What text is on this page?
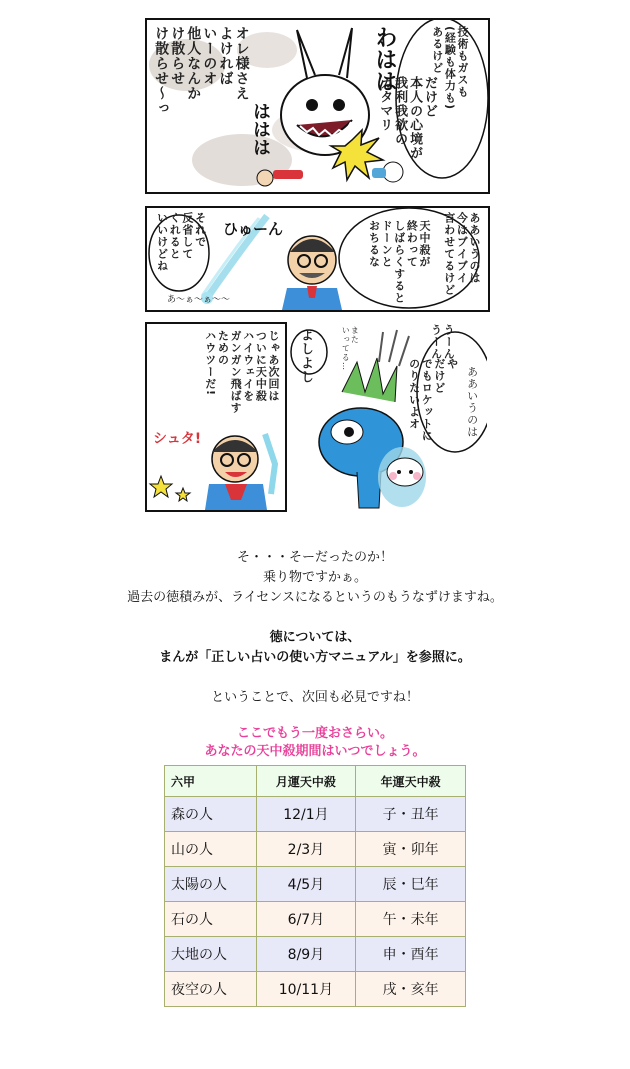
技術もガスも
(経験も体力も)
あるけど
だけど
本人の心境が
我利我欲の
カタマリ
オレ様さえ
よければ
いーのオ
他人なんか
け散らせ
け散らせ〜っ	わはは
ははは
ああいうのは
今はブイブイ
言わせてるけど
天中殺が
終わって
しばらくすると
ドーンと
おちるな
それで
反省して
くれると
いいけどね	ひゅーん
あ〜ぁ〜ぁ〜〜
じゃあ次回は
ついに天中殺
ハイウェイを
ガンガン飛ばす
ための
ハウツーだ!
シュタ!
よしよし	また
いってる…	うーん
うーん
や
だけど
でもロケットに
のりたいよオ	ああいうのは
そ・・・そーだったのか！
乗り物ですかぁ。
過去の徳積みが、ライセンスになるというのもうなずけますね。
徳については、
まんが「正しい占いの使い方マニュアル」を参照に。
ということで、次回も必見ですね！
ここでもう一度おさらい。
あなたの天中殺期間はいつでしょう。
六甲	月運天中殺	年運天中殺
森の人	12/1月	子・丑年
山の人	2/3月	寅・卯年
太陽の人	4/5月	辰・巳年
石の人	6/7月	午・未年
大地の人	8/9月	申・酉年
夜空の人	10/11月	戌・亥年
